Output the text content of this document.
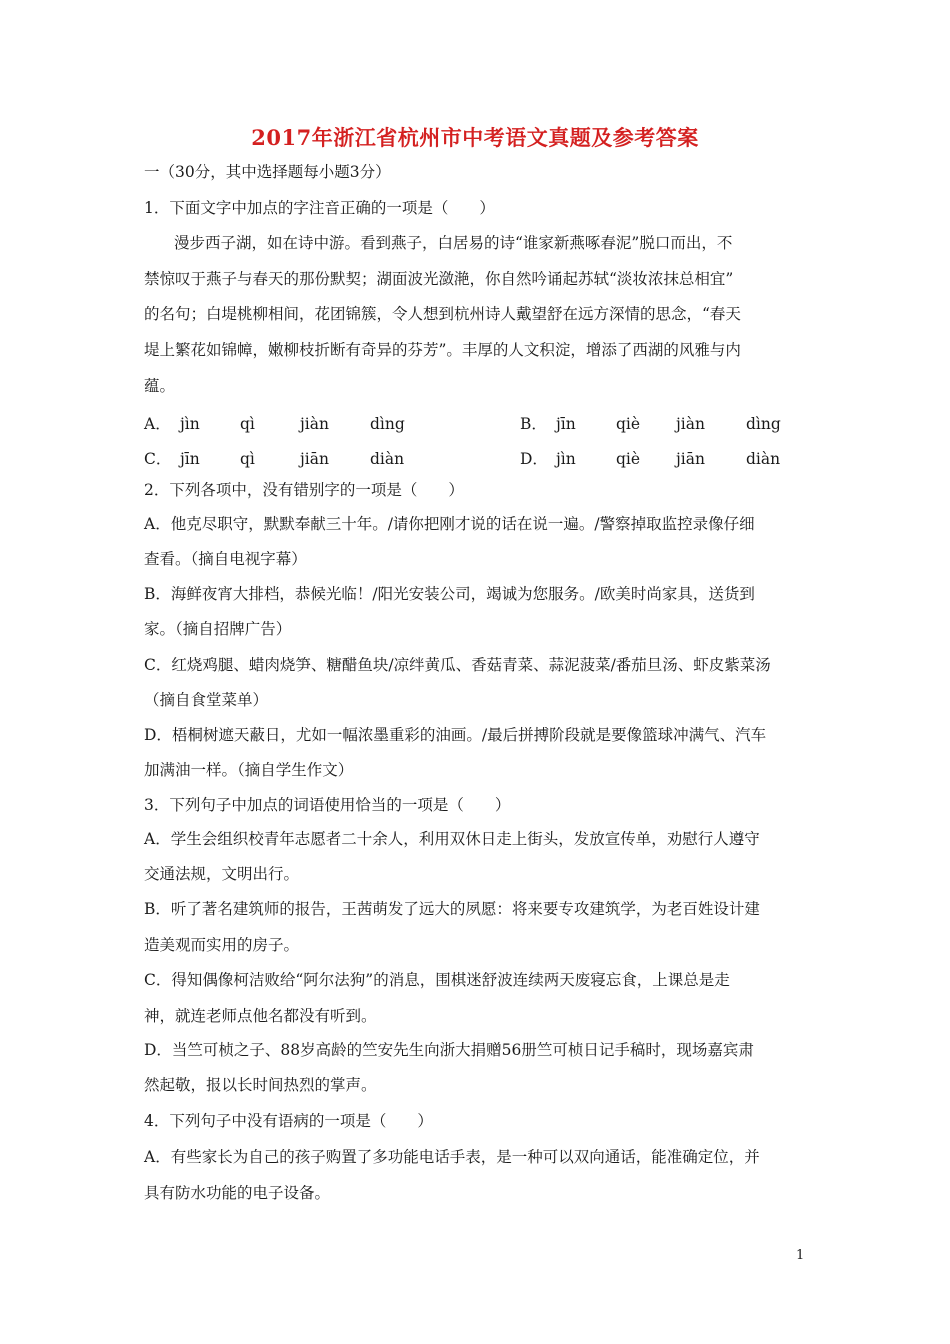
2017年浙江省杭州市中考语文真题及参考答案
一（30分，其中选择题每小题3分）
1．下面文字中加点的字注音正确的一项是（　　）
漫步西子湖，如在诗中游。看到燕子，白居易的诗“谁家新燕啄春泥”脱口而出，不
禁惊叹于燕子与春天的那份默契；湖面波光潋滟，你自然吟诵起苏轼“淡妆浓抹总相宜”
的名句；白堤桃柳相间，花团锦簇，令人想到杭州诗人戴望舒在远方深情的思念，“春天
堤上繁花如锦幛，嫩柳枝折断有奇异的芬芳”。丰厚的人文积淀，增添了西湖的风雅与内
蕴。
A． jìn	qì	jiàn	dìng	B． jīn	qiè jiàn	dìng
C． jīn	qì	jiān	diàn	D． jìn	qiè jiān	diàn
2．下列各项中，没有错别字的一项是（　　）
A．他克尽职守，默默奉献三十年。/请你把刚才说的话在说一遍。/警察掉取监控录像仔细
查看。（摘自电视字幕）
B．海鲜夜宵大排档，恭候光临！/阳光安装公司，竭诚为您服务。/欧美时尚家具，送货到
家。（摘自招牌广告）
C．红烧鸡腿、蜡肉烧笋、糖醋鱼块/凉绊黄瓜、香菇青菜、蒜泥菠菜/番茄旦汤、虾皮紫菜汤
（摘自食堂菜单）
D．梧桐树遮天蔽日，尤如一幅浓墨重彩的油画。/最后拼搏阶段就是要像篮球冲满气、汽车
加满油一样。（摘自学生作文）
3．下列句子中加点的词语使用恰当的一项是（　　）
A．学生会组织校青年志愿者二十余人，利用双休日走上街头，发放宣传单，劝慰行人遵守
交通法规，文明出行。
B．听了著名建筑师的报告，王茜萌发了远大的夙愿：将来要专攻建筑学，为老百姓设计建
造美观而实用的房子。
C．得知偶像柯洁败给“阿尔法狗”的消息，围棋迷舒波连续两天废寝忘食，上课总是走
神，就连老师点他名都没有听到。
D．当竺可桢之子、88岁高龄的竺安先生向浙大捐赠56册竺可桢日记手稿时，现场嘉宾肃
然起敬，报以长时间热烈的掌声。
4．下列句子中没有语病的一项是（　　）
A．有些家长为自己的孩子购置了多功能电话手表，是一种可以双向通话，能准确定位，并
具有防水功能的电子设备。
1
